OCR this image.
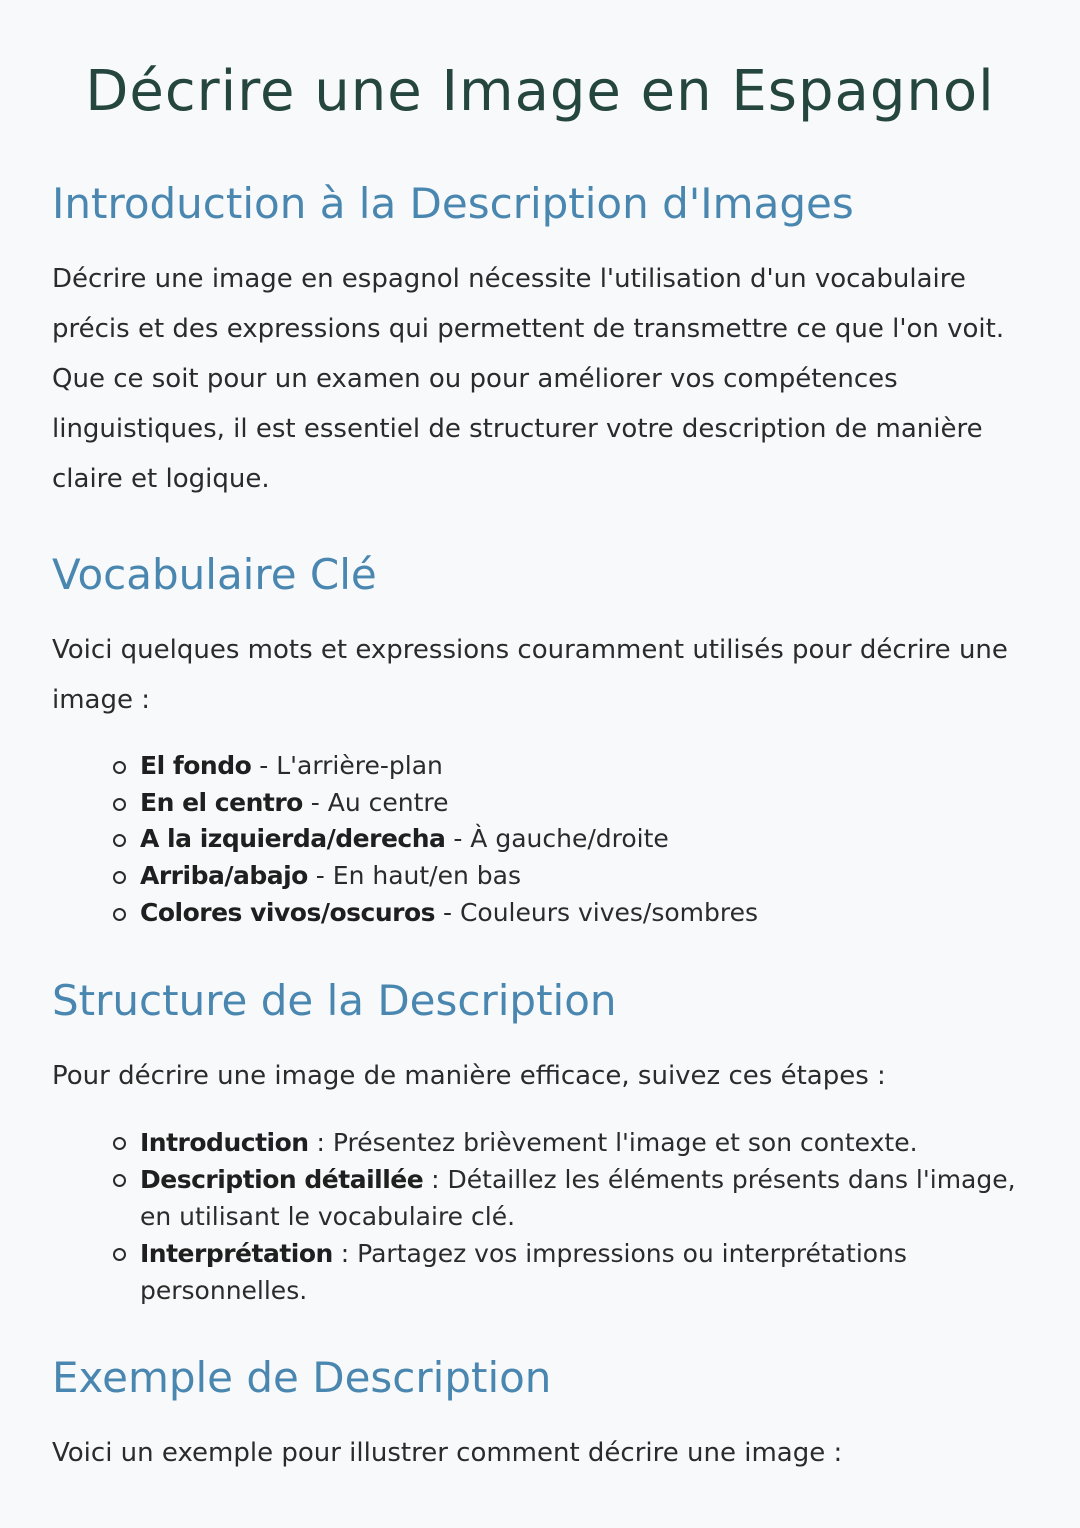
Décrire une Image en Espagnol
Introduction à la Description d'Images

Décrire une image en espagnol nécessite l'utilisation d'un vocabulaire précis et des expressions qui permettent de transmettre ce que l'on voit. Que ce soit pour un examen ou pour améliorer vos compétences linguistiques, il est essentiel de structurer votre description de manière claire et logique.

Vocabulaire Clé

Voici quelques mots et expressions couramment utilisés pour décrire une image :

El fondo - L'arrière-plan
En el centro - Au centre
A la izquierda/derecha - À gauche/droite
Arriba/abajo - En haut/en bas
Colores vivos/oscuros - Couleurs vives/sombres
Structure de la Description

Pour décrire une image de manière efficace, suivez ces étapes :

Introduction : Présentez brièvement l'image et son contexte.
Description détaillée : Détaillez les éléments présents dans l'image, en utilisant le vocabulaire clé.
Interprétation : Partagez vos impressions ou interprétations personnelles.
Exemple de Description

Voici un exemple pour illustrer comment décrire une image :
